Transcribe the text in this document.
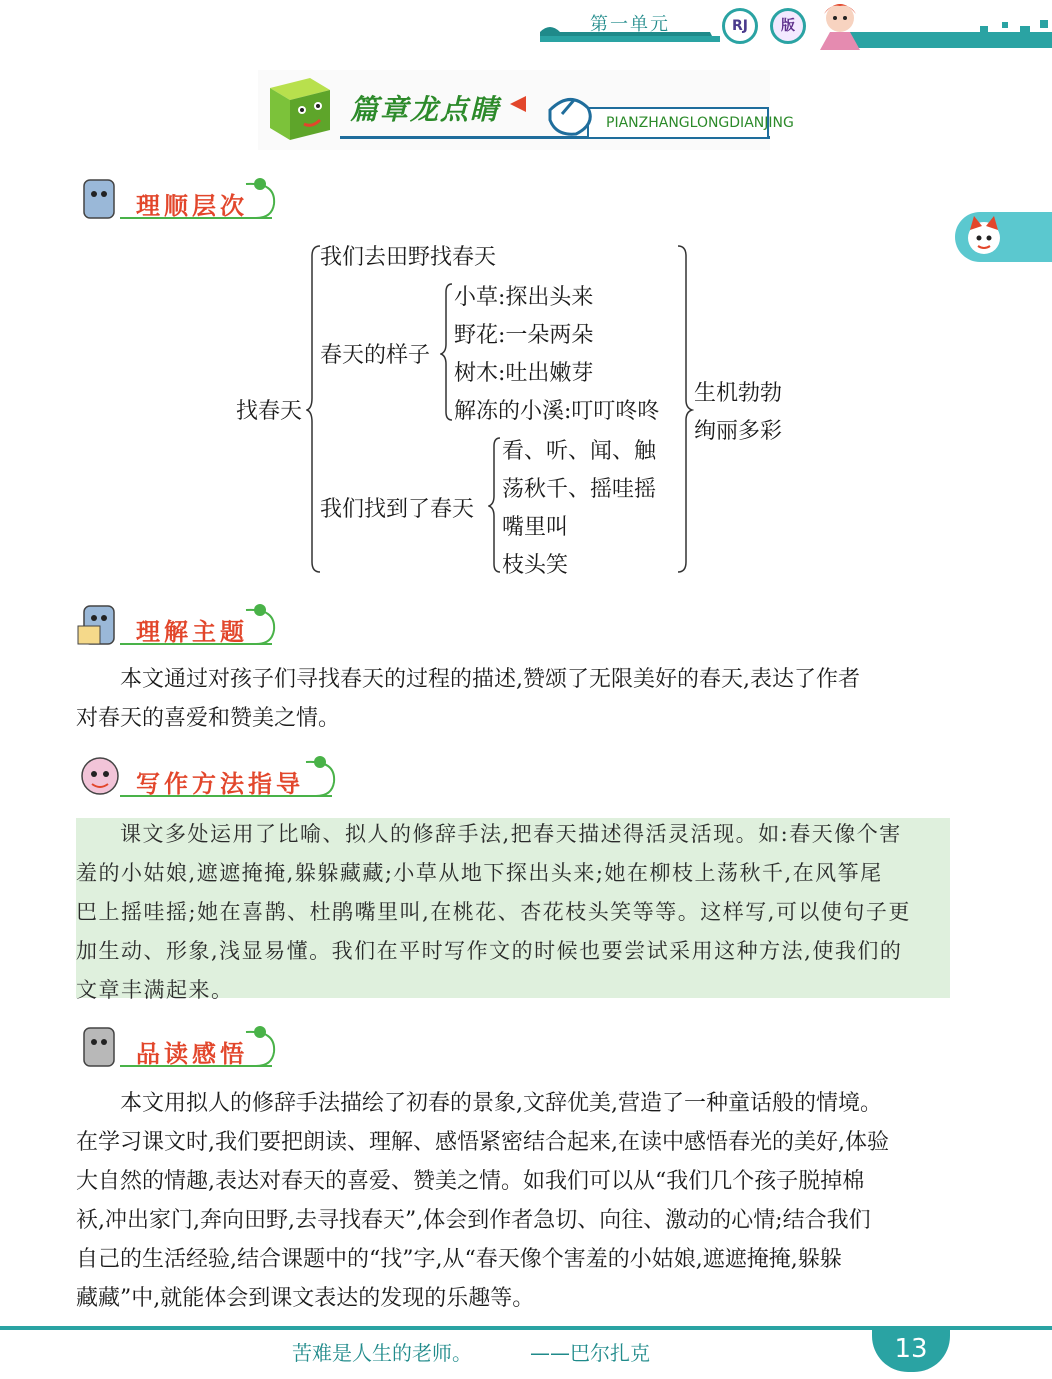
第一单元	RJ	版
篇章龙点睛	PIANZHANGLONGDIANJING
理顺层次
找春天
我们去田野找春天
春天的样子
小草:探出头来
野花:一朵两朵
树木:吐出嫩芽
解冻的小溪:叮叮咚咚
我们找到了春天
看、听、闻、触
荡秋千、摇哇摇
嘴里叫
枝头笑
生机勃勃
绚丽多彩
理解主题
本文通过对孩子们寻找春天的过程的描述,赞颂了无限美好的春天,表达了作者
对春天的喜爱和赞美之情。
写作方法指导
课文多处运用了比喻、拟人的修辞手法,把春天描述得活灵活现。如:春天像个害
羞的小姑娘,遮遮掩掩,躲躲藏藏;小草从地下探出头来;她在柳枝上荡秋千,在风筝尾
巴上摇哇摇;她在喜鹊、杜鹃嘴里叫,在桃花、杏花枝头笑等等。这样写,可以使句子更
加生动、形象,浅显易懂。我们在平时写作文的时候也要尝试采用这种方法,使我们的
文章丰满起来。
品读感悟
本文用拟人的修辞手法描绘了初春的景象,文辞优美,营造了一种童话般的情境。
在学习课文时,我们要把朗读、理解、感悟紧密结合起来,在读中感悟春光的美好,体验
大自然的情趣,表达对春天的喜爱、赞美之情。如我们可以从“我们几个孩子脱掉棉
袄,冲出家门,奔向田野,去寻找春天”,体会到作者急切、向往、激动的心情;结合我们
自己的生活经验,结合课题中的“找”字,从“春天像个害羞的小姑娘,遮遮掩掩,躲躲
藏藏”中,就能体会到课文表达的发现的乐趣等。
苦难是人生的老师。	——巴尔扎克	13
